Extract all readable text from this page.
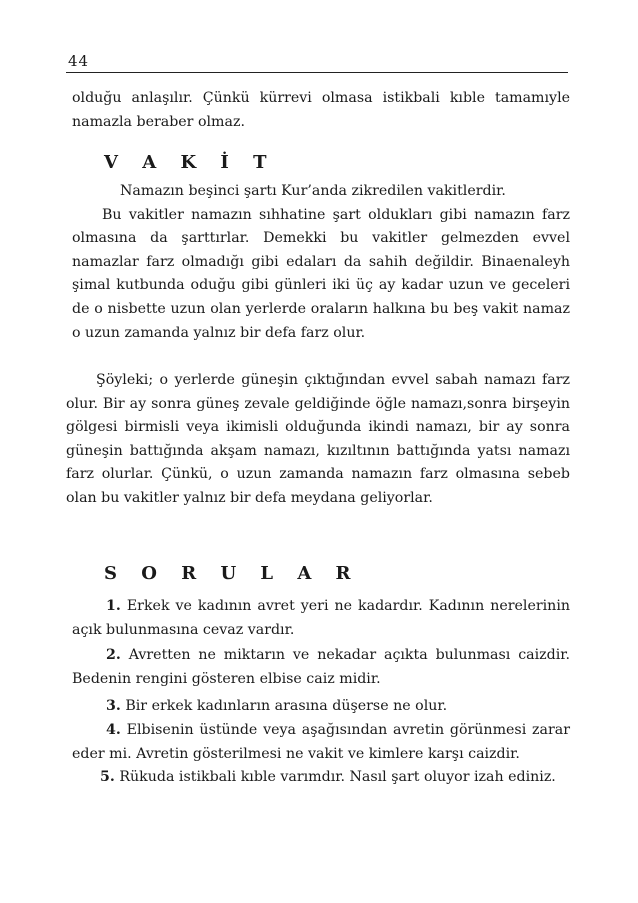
44

olduğu anlaşılır. Çünkü kürrevi olmasa istikbali kıble tamamıyle namazla beraber olmaz.

V A K İ T

Namazın beşinci şartı Kur’anda zikredilen vakitlerdir.

Bu vakitler namazın sıhhatine şart oldukları gibi namazın farz olmasına da şarttırlar. Demekki bu vakitler gelmezden evvel namazlar farz olmadığı gibi edaları da sahih değildir. Binaenaleyh şimal kutbunda oduğu gibi günleri iki üç ay kadar uzun ve geceleri de o nisbette uzun olan yerlerde oraların halkına bu beş vakit namaz o uzun zamanda yalnız bir defa farz olur.

Şöyleki; o yerlerde güneşin çıktığından evvel sabah namazı farz olur. Bir ay sonra güneş zevale geldiğinde öğle namazı,sonra birşeyin gölgesi birmisli veya ikimisli olduğunda ikindi namazı, bir ay sonra güneşin battığında akşam namazı, kızıltının battığında yatsı namazı farz olurlar. Çünkü, o uzun zamanda namazın farz olmasına sebeb olan bu vakitler yalnız bir defa meydana geliyorlar.

S O R U L A R

1. Erkek ve kadının avret yeri ne kadardır. Kadının nerelerinin açık bulunmasına cevaz vardır.

2. Avretten ne miktarın ve nekadar açıkta bulunması caizdir. Bedenin rengini gösteren elbise caiz midir.

3. Bir erkek kadınların arasına düşerse ne olur.

4. Elbisenin üstünde veya aşağısından avretin görünmesi zarar eder mi. Avretin gösterilmesi ne vakit ve kimlere karşı caizdir.

5. Rükuda istikbali kıble varımdır. Nasıl şart oluyor izah ediniz.
